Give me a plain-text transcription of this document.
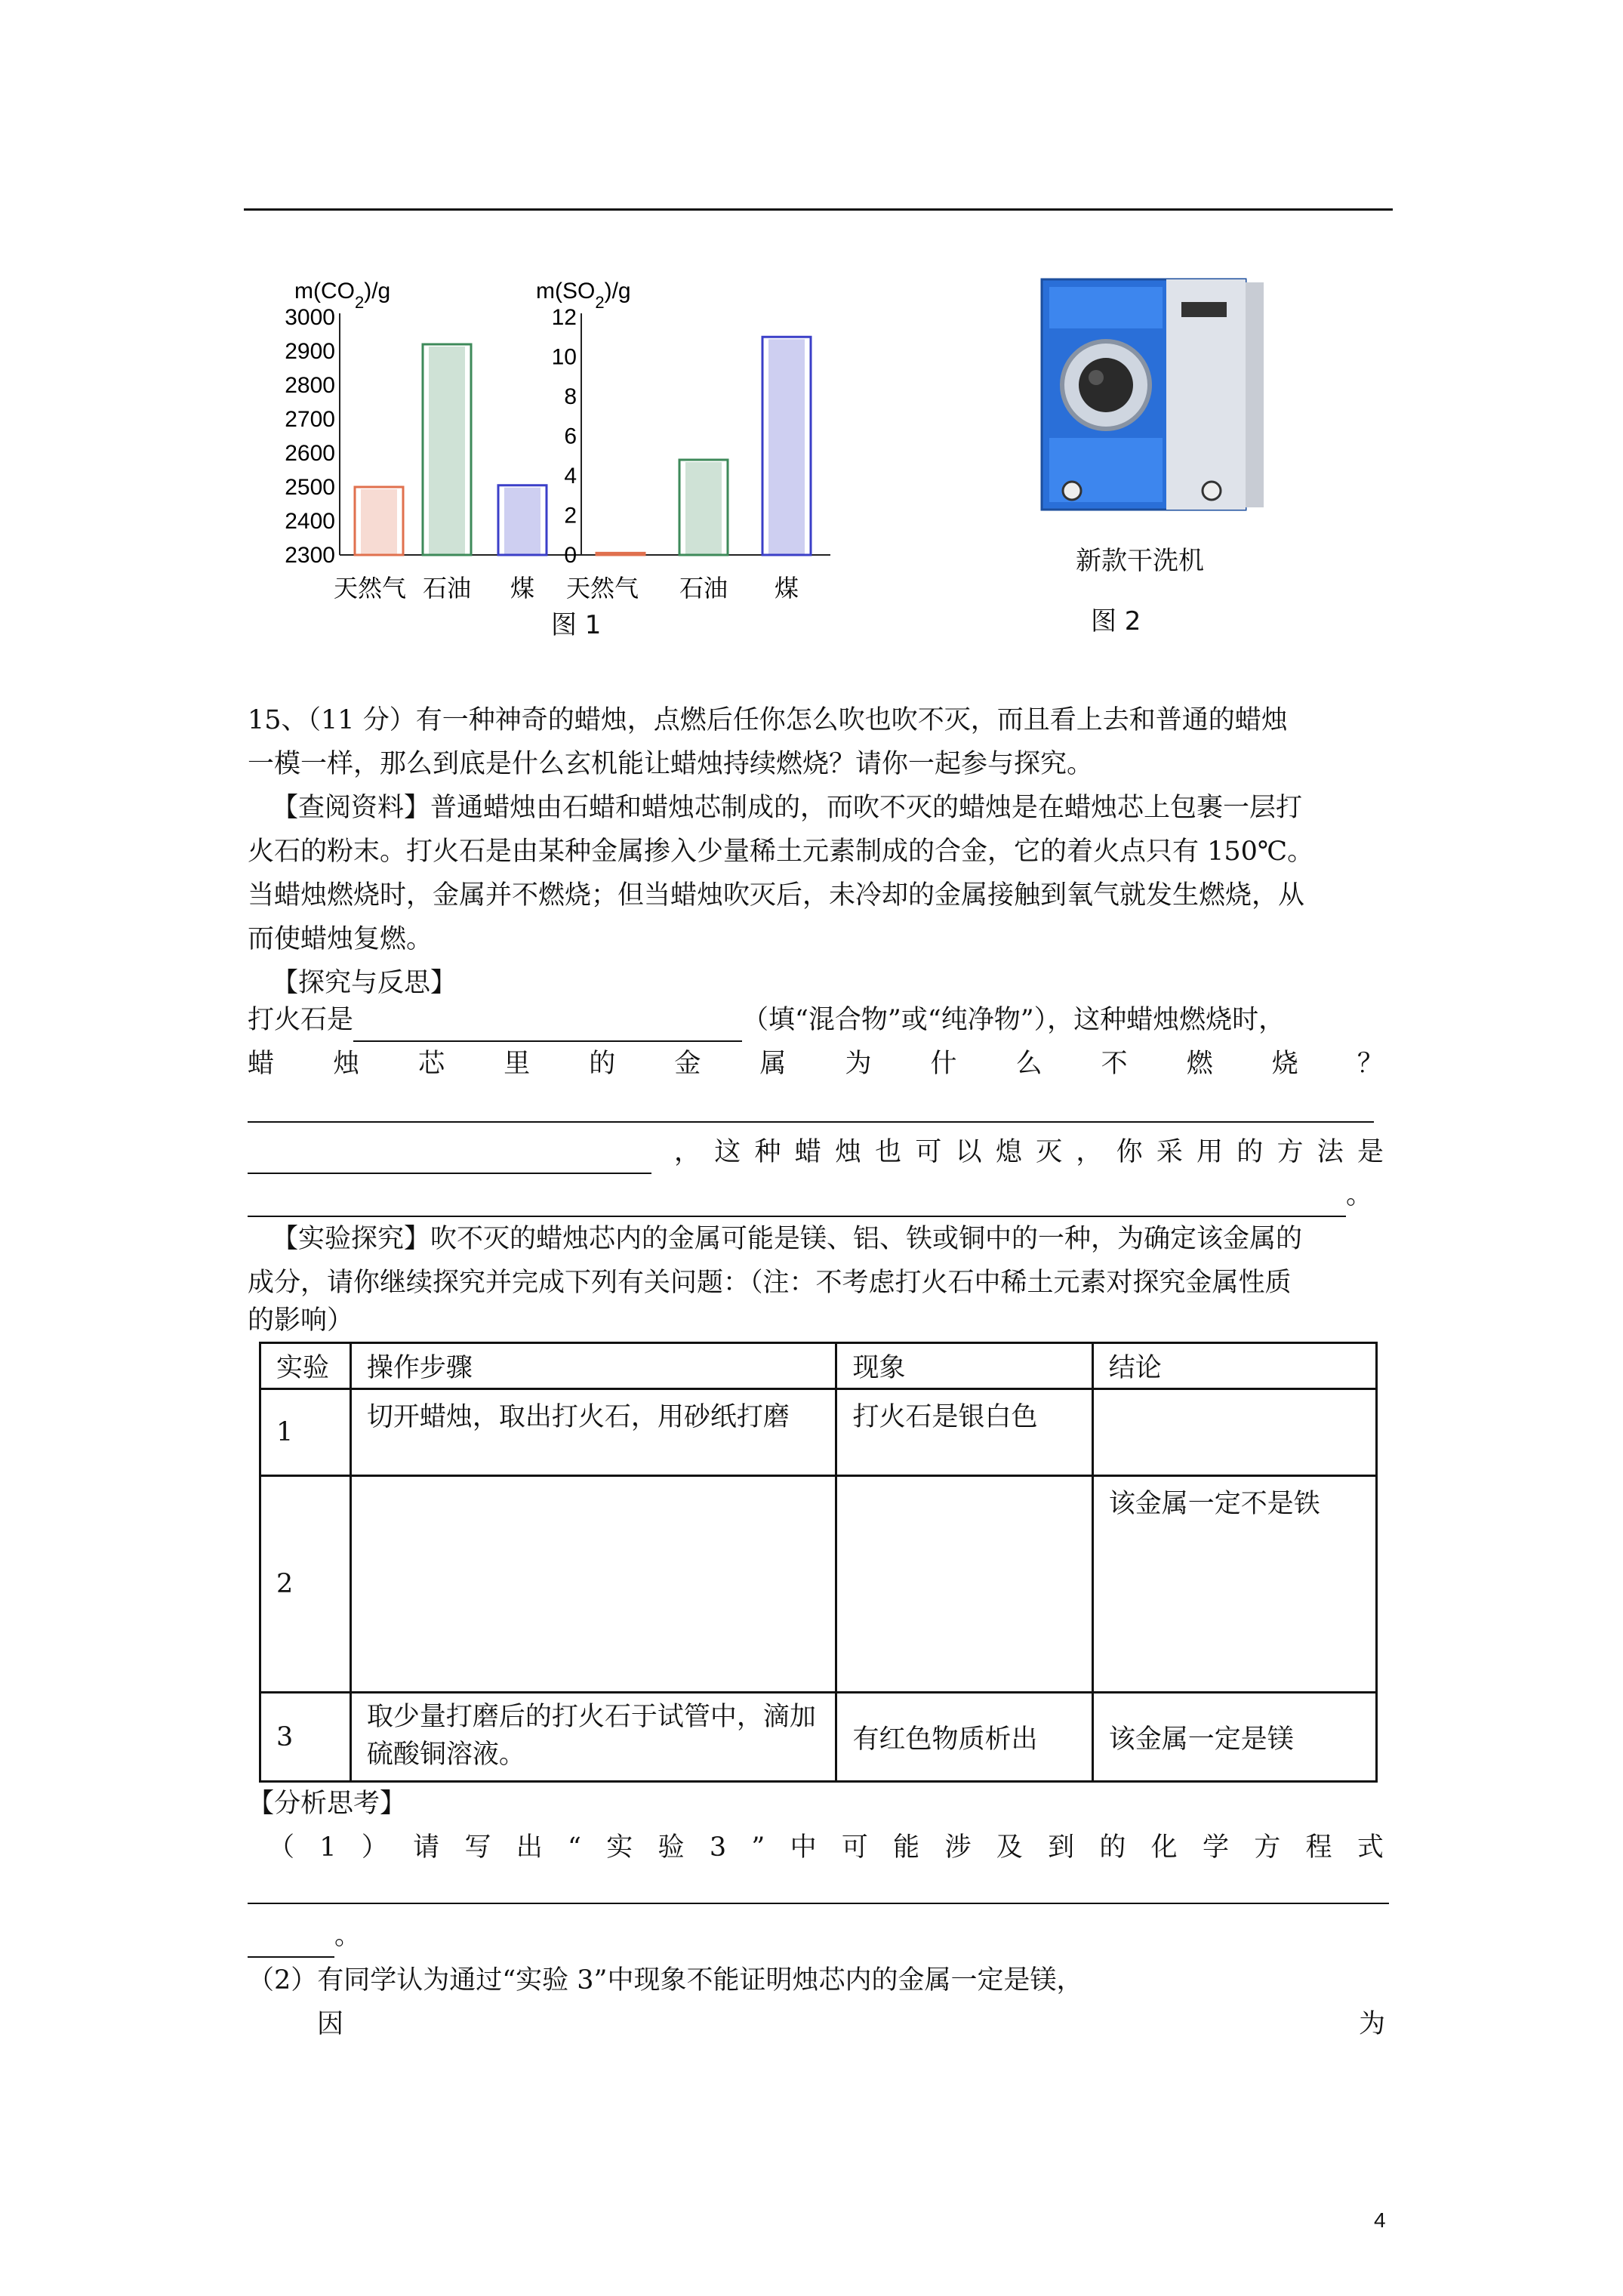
$m(CO_2)/g$
3000
2900
2800
2700
2600
2500
2400
2300
天然气 石油 煤
$m(SO_2)/g$
12
10
8
6
4
2
0
天然气 石油 煤
图 1
新款干洗机
图 2
15、（11 分）有一种神奇的蜡烛，点燃后任你怎么吹也吹不灭，而且看上去和普通的蜡烛
一模一样，那么到底是什么玄机能让蜡烛持续燃烧？请你一起参与探究。
【查阅资料】普通蜡烛由石蜡和蜡烛芯制成的，而吹不灭的蜡烛是在蜡烛芯上包裹一层打
火石的粉末。打火石是由某种金属掺入少量稀土元素制成的合金，它的着火点只有 150℃。
当蜡烛燃烧时，金属并不燃烧；但当蜡烛吹灭后，未冷却的金属接触到氧气就发生燃烧，从
而使蜡烛复燃。
【探究与反思】
打火石是	（填“混合物”或“纯净物”），这种蜡烛燃烧时，
蜡 烛 芯 里 的 金 属 为 什 么 不 燃 烧 ？
， 这 种 蜡 烛 也 可 以 熄 灭 ， 你 采 用 的 方 法 是
。
【实验探究】吹不灭的蜡烛芯内的金属可能是镁、铝、铁或铜中的一种，为确定该金属的
成分，请你继续探究并完成下列有关问题：（注：不考虑打火石中稀土元素对探究金属性质
的影响）
实验	操作步骤	现象	结论
1	切开蜡烛，取出打火石，用砂纸打磨	打火石是银白色	
2			该金属一定不是铁
3	取少量打磨后的打火石于试管中，滴加硫酸铜溶液。	有红色物质析出	该金属一定是镁
【分析思考】
（ 1 ） 请 写 出 “ 实 验 3 ” 中 可 能 涉 及 到 的 化 学 方 程 式
。
（2）有同学认为通过“实验 3”中现象不能证明烛芯内的金属一定是镁，
因	为
4
